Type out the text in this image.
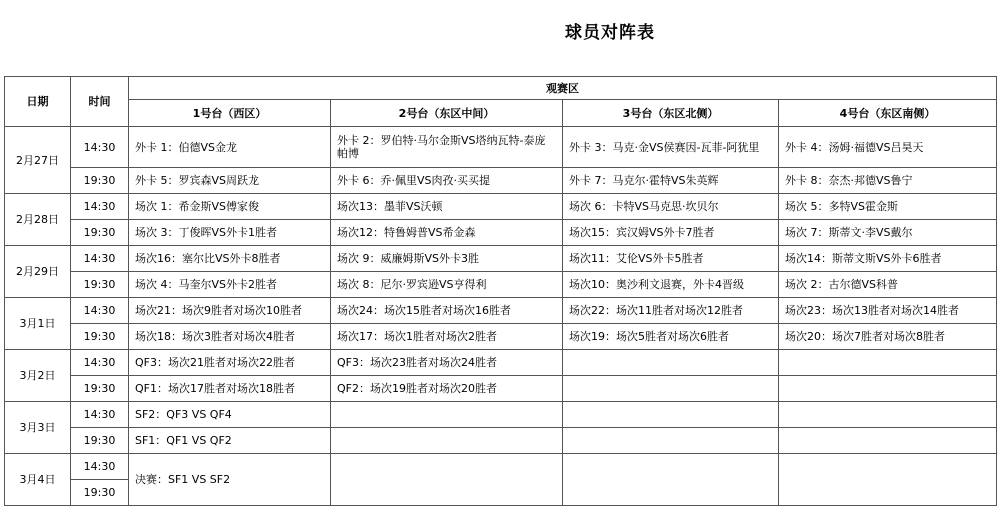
球员对阵表
日期	时间	观赛区			
		1号台（西区）	2号台（东区中间）	3号台（东区北侧）	4号台（东区南侧）
2月27日	14:30	外卡 1：伯德VS金龙	外卡 2：罗伯特·马尔金斯VS塔纳瓦特-泰庞帕博	外卡 3：马克·金VS侯赛因-瓦菲-阿犹里	外卡 4：汤姆·福德VS吕昊天
	19:30	外卡 5：罗宾森VS周跃龙	外卡 6：乔·佩里VS肉孜·买买提	外卡 7：马克尔·霍特VS朱英辉	外卡 8：奈杰·邦德VS鲁宁
2月28日	14:30	场次 1：希金斯VS傅家俊	场次13：墨菲VS沃顿	场次 6：卡特VS马克思·坎贝尔	场次 5：多特VS霍金斯
	19:30	场次 3：丁俊晖VS外卡1胜者	场次12：特鲁姆普VS希金森	场次15：宾汉姆VS外卡7胜者	场次 7：斯蒂文·李VS戴尔
2月29日	14:30	场次16：塞尔比VS外卡8胜者	场次 9：威廉姆斯VS外卡3胜	场次11：艾伦VS外卡5胜者	场次14：斯蒂文斯VS外卡6胜者
	19:30	场次 4：马奎尔VS外卡2胜者	场次 8：尼尔·罗宾逊VS亨得利	场次10：奥沙利文退赛，外卡4晋级	场次 2：古尔德VS科普
3月1日	14:30	场次21：场次9胜者对场次10胜者	场次24：场次15胜者对场次16胜者	场次22：场次11胜者对场次12胜者	场次23：场次13胜者对场次14胜者
	19:30	场次18：场次3胜者对场次4胜者	场次17：场次1胜者对场次2胜者	场次19：场次5胜者对场次6胜者	场次20：场次7胜者对场次8胜者
3月2日	14:30	QF3：场次21胜者对场次22胜者	QF3：场次23胜者对场次24胜者		
	19:30	QF1：场次17胜者对场次18胜者	QF2：场次19胜者对场次20胜者		
3月3日	14:30	SF2：QF3 VS QF4			
	19:30	SF1：QF1 VS QF2			
3月4日	14:30	决赛：SF1 VS SF2			
	19:30				
